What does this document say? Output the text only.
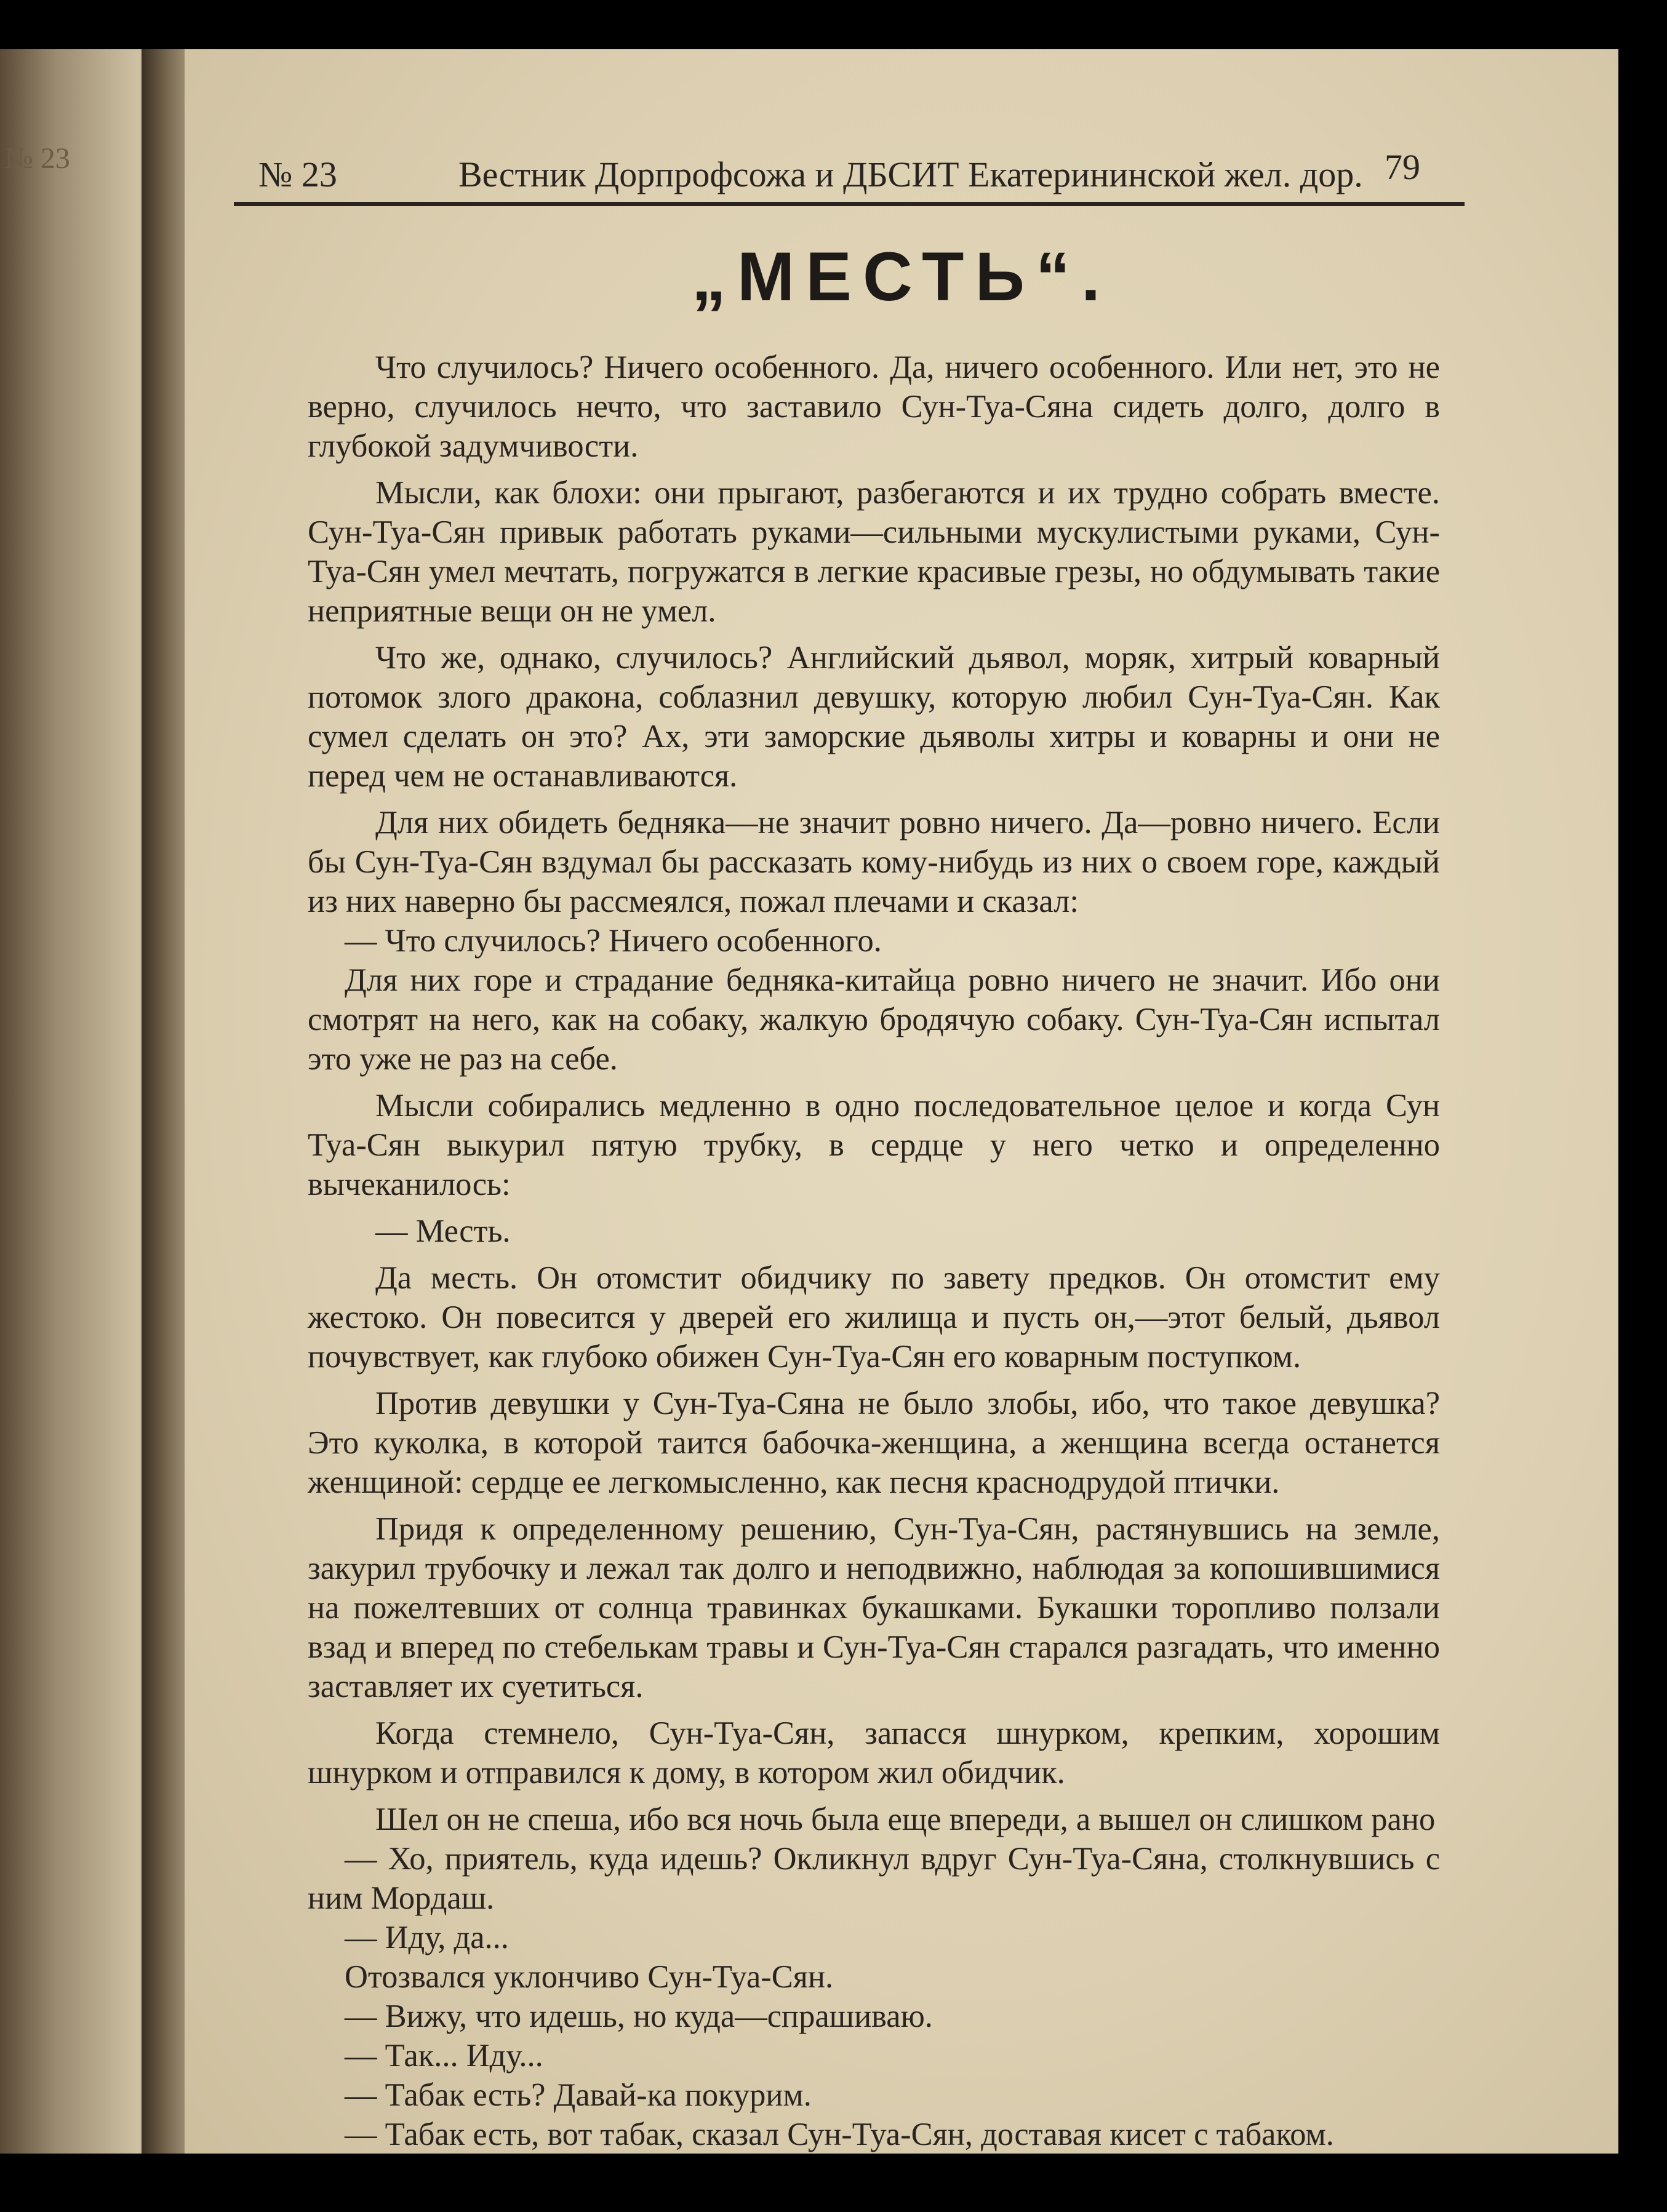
№ 23	№ 23	Вестник Дорпрофсожа и ДБСИТ Екатерининской жел. дор. 79
„МЕСТЬ“.

Что случилось? Ничего особенного. Да, ничего особенного. Или нет, это не верно, случилось нечто, что заставило Сун-Туа-Сяна сидеть долго, долго в глубокой задумчивости.

Мысли, как блохи: они прыгают, разбегаются и их трудно собрать вместе. Сун-Туа-Сян привык работать руками—сильными мускулистыми руками, Сун-Туа-Сян умел мечтать, погружатся в легкие красивые грезы, но обдумывать такие неприятные вещи он не умел.

Что же, однако, случилось? Английский дьявол, моряк, хитрый коварный потомок злого дракона, соблазнил девушку, которую любил Сун-Туа-Сян. Как сумел сделать он это? Ах, эти заморские дьяволы хитры и коварны и они не перед чем не останавливаются.

Для них обидеть бедняка—не значит ровно ничего. Да—ровно ничего. Если бы Сун-Туа-Сян вздумал бы рассказать кому-нибудь из них о своем горе, каждый из них наверно бы рассмеялся, пожал плечами и сказал:

— Что случилось? Ничего особенного.

Для них горе и страдание бедняка-китайца ровно ничего не значит. Ибо они смотрят на него, как на собаку, жалкую бродячую собаку. Сун-Туа-Сян испытал это уже не раз на себе.

Мысли собирались медленно в одно последовательное целое и когда Сун Туа-Сян выкурил пятую трубку, в сердце у него четко и определенно вычеканилось:

— Месть.

Да месть. Он отомстит обидчику по завету предков. Он отомстит ему жестоко. Он повесится у дверей его жилища и пусть он,—этот белый, дьявол почувствует, как глубоко обижен Сун-Туа-Сян его коварным поступком.

Против девушки у Сун-Туа-Сяна не было злобы, ибо, что такое девушка? Это куколка, в которой таится бабочка-женщина, а женщина всегда останется женщиной: сердце ее легкомысленно, как песня краснодрудой птички.

Придя к определенному решению, Сун-Туа-Сян, растянувшись на земле, закурил трубочку и лежал так долго и неподвижно, наблюдая за копошившимися на пожелтевших от солнца травинках букашками. Букашки торопливо ползали взад и вперед по стебелькам травы и Сун-Туа-Сян старался разгадать, что именно заставляет их суетиться.

Когда стемнело, Сун-Туа-Сян, запасся шнурком, крепким, хорошим шнурком и отправился к дому, в котором жил обидчик.

Шел он не спеша, ибо вся ночь была еще впереди, а вышел он слишком рано

— Хо, приятель, куда идешь? Окликнул вдруг Сун-Туа-Сяна, столкнувшись с ним Мордаш.

— Иду, да...

Отозвался уклончиво Сун-Туа-Сян.

— Вижу, что идешь, но куда—спрашиваю.

— Так... Иду...

— Табак есть? Давай-ка покурим.

— Табак есть, вот табак, сказал Сун-Туа-Сян, доставая кисет с табаком.
